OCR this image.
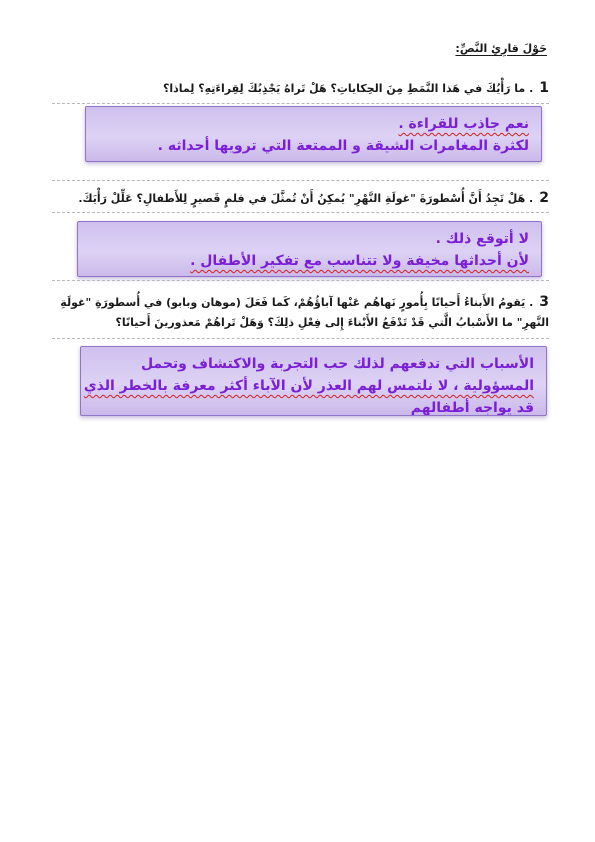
حَوْلَ قارِئِ النَّصِّ:
1. ما رَأْيُكَ في هَذا النَّمَطِ مِنَ الحِكاياتِ؟ هَلْ تَراهُ يَجْذِبُكَ لِقِراءَتِهِ؟ لِماذا؟
نعم جاذب للقراءة .
لكثرة المغامرات الشيقة و الممتعة التي ترويها أحداثه .
2. هَلْ تَجِدُ أَنَّ أُسْطورَةَ "غولَةِ النَّهْرِ" يُمكِنُ أَنْ تُمثَّلَ في فلمٍ قَصيرٍ لِلأَطفالِ؟ عَلِّلْ رَأْيَكَ.
لا أتوقع ذلك .
لأن أحداثها مخيفة ولا تتناسب مع تفكير الأطفال .
3. يَقومُ الأَبناءُ أَحيانًا بِأُمورٍ نَهاهُم عَنْها آباؤُهُمْ، كَما فَعَلَ (موهان وبابو) في أُسطورَةِ "غولَةِ النَّهرِ" ما الأَسْبابُ الَّتي قَدْ تَدْفَعُ الأَبْناءَ إِلى فِعْلِ ذلِكَ؟ وَهَلْ تَراهُمْ مَعذورينَ أَحيانًا؟
الأسباب التي تدفعهم لذلك حب التجربة والاكتشاف وتحمل
المسؤولية ، لا نلتمس لهم العذر لأن الآباء أكثر معرفة بالخطر الذي
قد يواجه أطفالهم
